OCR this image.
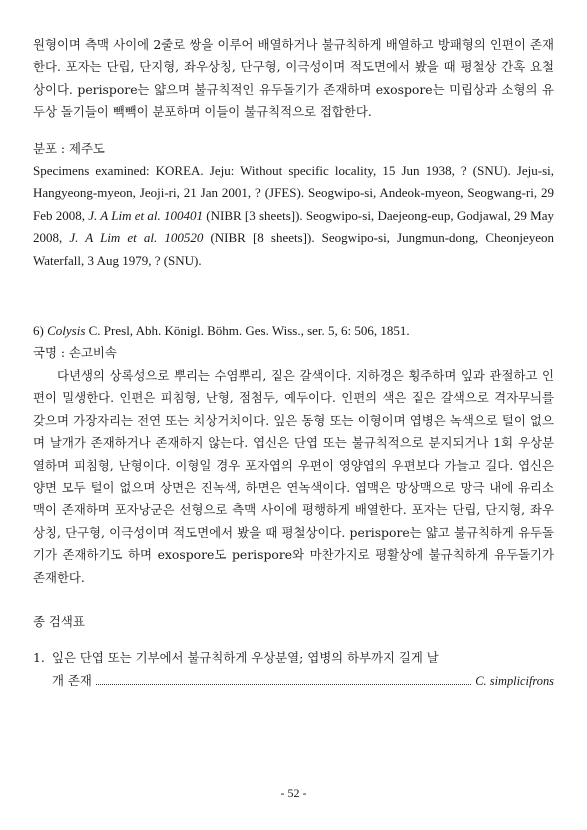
원형이며 측맥 사이에 2줄로 쌍을 이루어 배열하거나 불규칙하게 배열하고 방패형의 인편이 존재한다. 포자는 단립, 단지형, 좌우상칭, 단구형, 이극성이며 적도면에서 봤을 때 평철상 간혹 요철상이다. perispore는 얇으며 불규칙적인 유두돌기가 존재하며 exospore는 미립상과 소형의 유두상 돌기들이 빽빽이 분포하며 이들이 불규칙적으로 접합한다.

분포 : 제주도

Specimens examined: KOREA. Jeju: Without specific locality, 15 Jun 1938, ? (SNU). Jeju-si, Hangyeong-myeon, Jeoji-ri, 21 Jan 2001, ? (JFES). Seogwipo-si, Andeok-myeon, Seogwang-ri, 29 Feb 2008, J. A Lim et al. 100401 (NIBR [3 sheets]). Seogwipo-si, Daejeong-eup, Godjawal, 29 May 2008, J. A Lim et al. 100520 (NIBR [8 sheets]). Seogwipo-si, Jungmun-dong, Cheonjeyeon Waterfall, 3 Aug 1979, ? (SNU).

6) Colysis C. Presl, Abh. Königl. Böhm. Ges. Wiss., ser. 5, 6: 506, 1851.

국명 : 손고비속

다년생의 상록성으로 뿌리는 수염뿌리, 짙은 갈색이다. 지하경은 횡주하며 잎과 관절하고 인편이 밀생한다. 인편은 피침형, 난형, 점첨두, 예두이다. 인편의 색은 짙은 갈색으로 격자무늬를 갖으며 가장자리는 전연 또는 치상거치이다. 잎은 동형 또는 이형이며 엽병은 녹색으로 털이 없으며 날개가 존재하거나 존재하지 않는다. 엽신은 단엽 또는 불규칙적으로 분지되거나 1회 우상분열하며 피침형, 난형이다. 이형일 경우 포자엽의 우편이 영양엽의 우편보다 가늘고 길다. 엽신은 양면 모두 털이 없으며 상면은 진녹색, 하면은 연녹색이다. 엽맥은 망상맥으로 망극 내에 유리소맥이 존재하며 포자낭군은 선형으로 측맥 사이에 평행하게 배열한다. 포자는 단립, 단지형, 좌우상칭, 단구형, 이극성이며 적도면에서 봤을 때 평철상이다. perispore는 얇고 불규칙하게 유두돌기가 존재하기도 하며 exospore도 perispore와 마찬가지로 평활상에 불규칙하게 유두돌기가 존재한다.

종 검색표

1. 잎은 단엽 또는 기부에서 불규칙하게 우상분열; 엽병의 하부까지 길게 날
개 존재	C. simplicifrons
- 52 -
